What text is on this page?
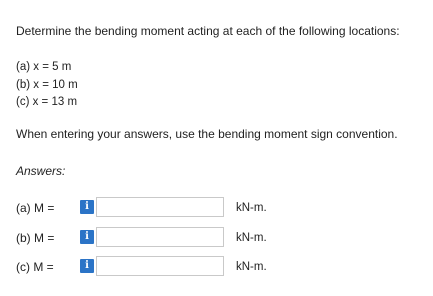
Determine the bending moment acting at each of the following locations:
(a) x = 5 m
(b) x = 10 m
(c) x = 13 m
When entering your answers, use the bending moment sign convention.
Answers:
(a) M =	i	kN-m.
(b) M =	i	kN-m.
(c) M =	i	kN-m.
